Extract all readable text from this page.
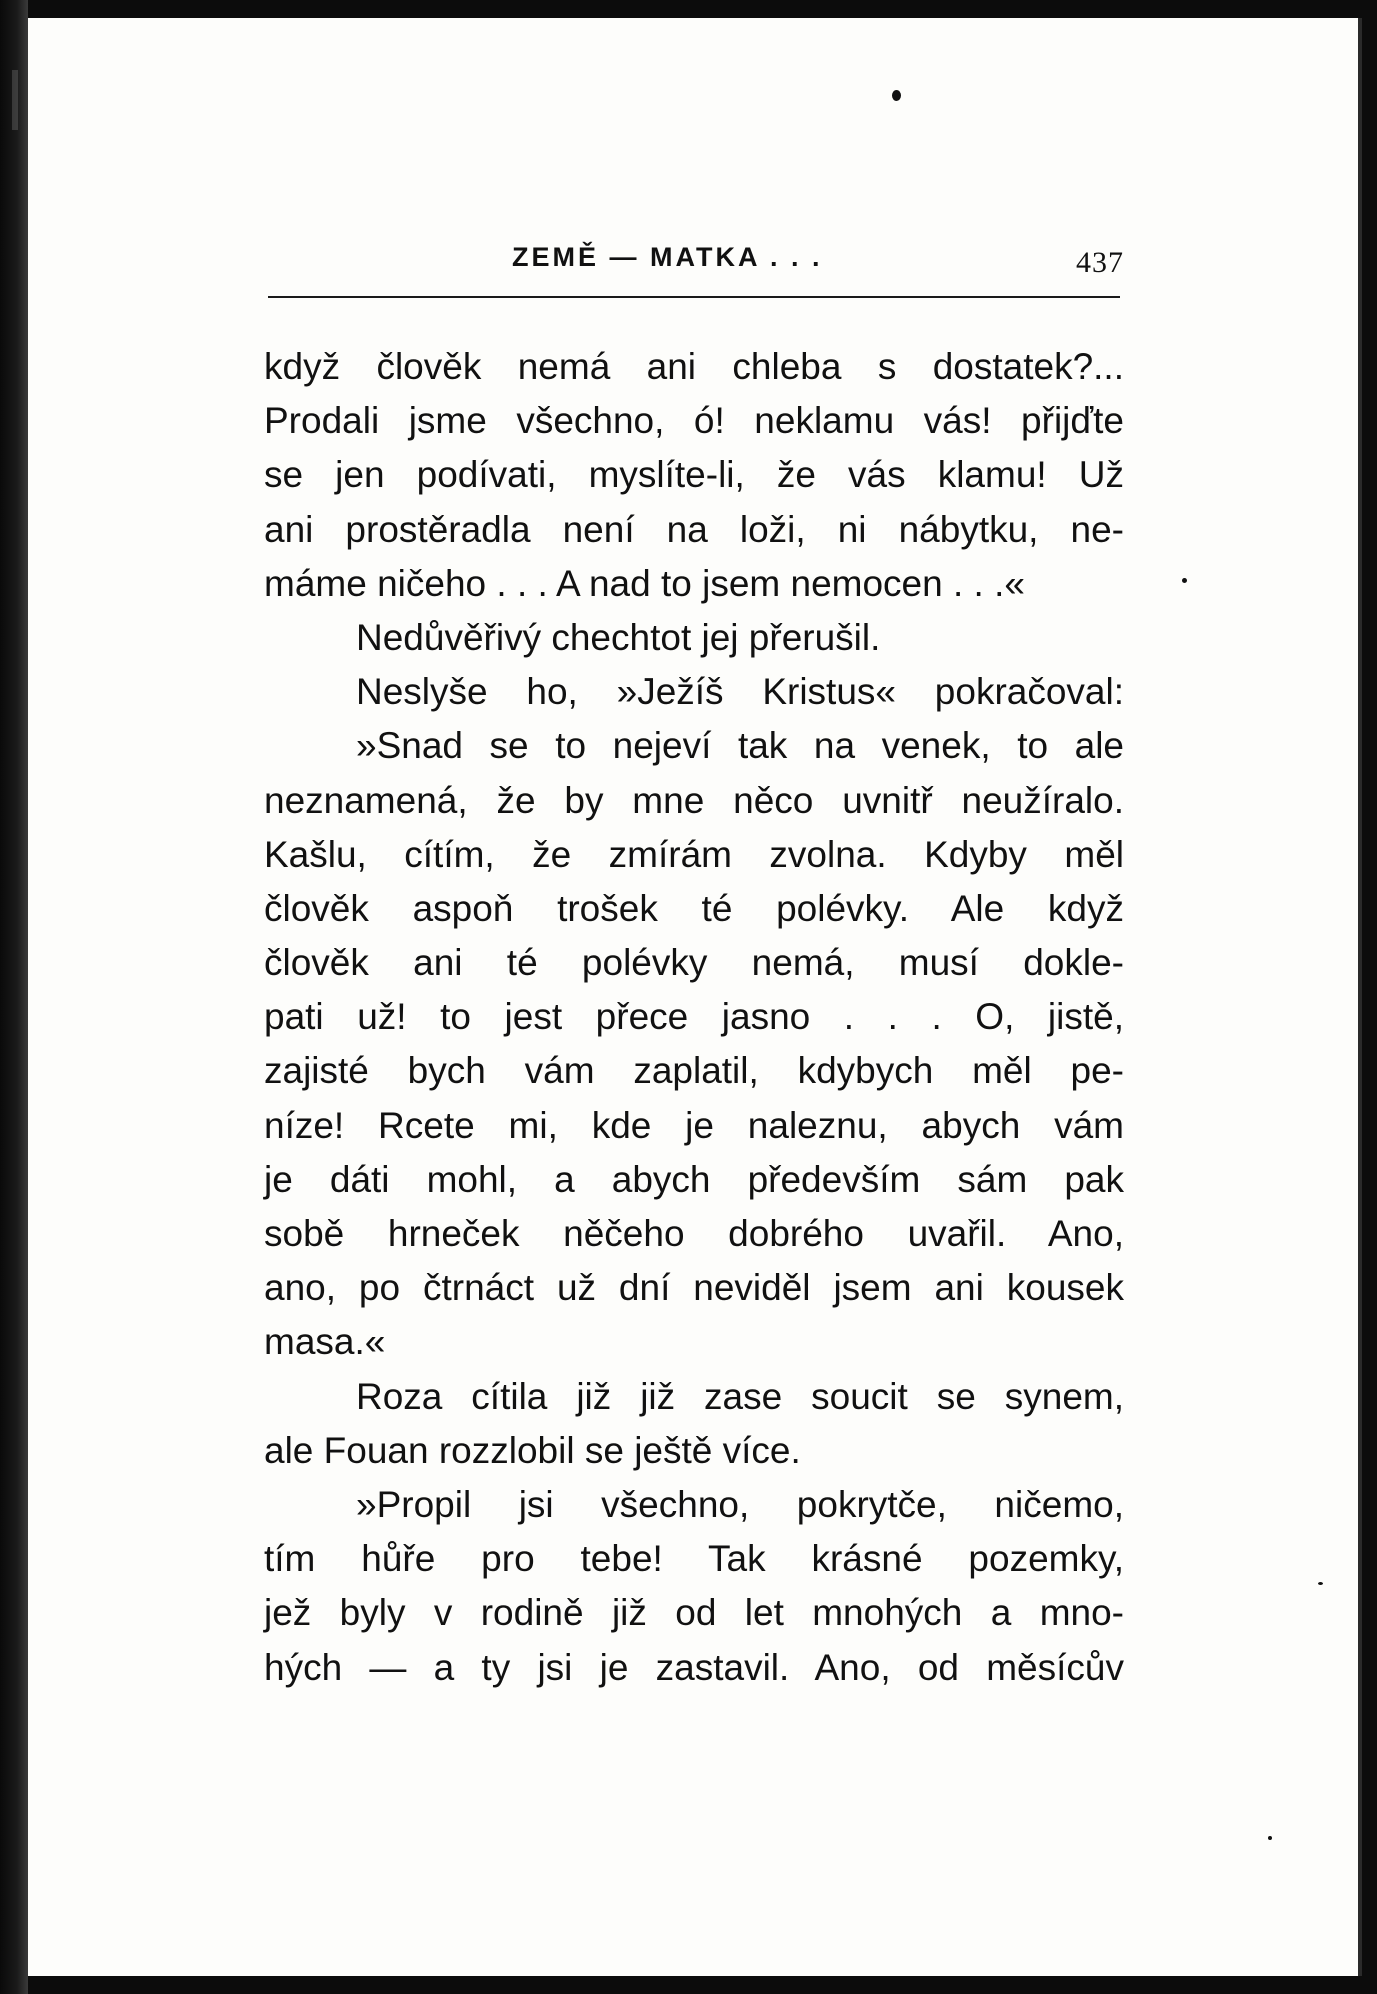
ZEMĚ — MATKA . . .	437
když člověk nemá ani chleba s dostatek?...
Prodali jsme všechno, ó! neklamu vás! přijďte
se jen podívati, myslíte-li, že vás klamu! Už
ani prostěradla není na loži, ni nábytku, ne-
máme ničeho . . . A nad to jsem nemocen . . .«
Nedůvěřivý chechtot jej přerušil.
Neslyše ho, »Ježíš Kristus« pokračoval:
»Snad se to nejeví tak na venek, to ale
neznamená, že by mne něco uvnitř neužíralo.
Kašlu, cítím, že zmírám zvolna. Kdyby měl
člověk aspoň trošek té polévky. Ale když
člověk ani té polévky nemá, musí dokle-
pati už! to jest přece jasno . . . O, jistě,
zajisté bych vám zaplatil, kdybych měl pe-
níze! Rcete mi, kde je naleznu, abych vám
je dáti mohl, a abych především sám pak
sobě hrneček něčeho dobrého uvařil. Ano,
ano, po čtrnáct už dní neviděl jsem ani kousek
masa.«
Roza cítila již již zase soucit se synem,
ale Fouan rozzlobil se ještě více.
»Propil jsi všechno, pokrytče, ničemo,
tím hůře pro tebe! Tak krásné pozemky,
jež byly v rodině již od let mnohých a mno-
hých — a ty jsi je zastavil. Ano, od měsícův
